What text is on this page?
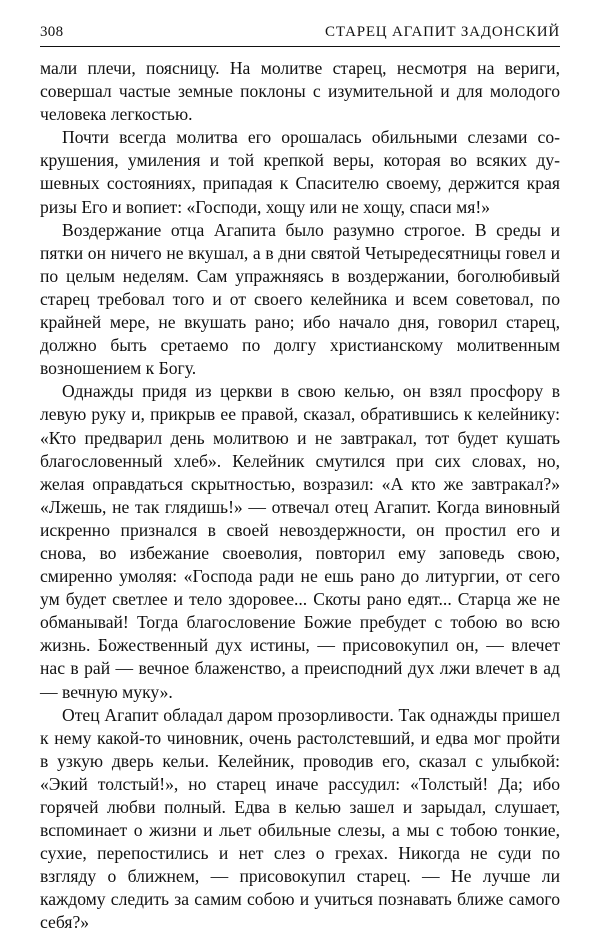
308	СТАРЕЦ АГАПИТ ЗАДОНСКИЙ

мали плечи, поясницу. На молитве старец, несмотря на вериги, совершал частые земные поклоны с изумительной и для молодого человека легкостью.

Почти всегда молитва его орошалась обильными слезами сокрушения, умиления и той крепкой веры, которая во всяких душевных состояниях, припадая к Спасителю своему, держится края ризы Его и вопиет: «Господи, хощу или не хощу, спаси мя!»

Воздержание отца Агапита было разумно строгое. В среды и пятки он ничего не вкушал, а в дни святой Четыредесятницы говел и по целым неделям. Сам упражняясь в воздержании, боголюбивый старец требовал того и от своего келейника и всем советовал, по крайней мере, не вкушать рано; ибо начало дня, говорил старец, должно быть сретаемо по долгу христианскому молитвенным возношением к Богу.

Однажды придя из церкви в свою келью, он взял просфору в левую руку и, прикрыв ее правой, сказал, обратившись к келейнику: «Кто предварил день молитвою и не завтракал, тот будет кушать благословенный хлеб». Келейник смутился при сих словах, но, желая оправдаться скрытностью, возразил: «А кто же завтракал?» «Лжешь, не так глядишь!» — отвечал отец Агапит. Когда виновный искренно признался в своей невоздержности, он простил его и снова, во избежание своеволия, повторил ему заповедь свою, смиренно умоляя: «Господа ради не ешь рано до литургии, от сего ум будет светлее и тело здоровее... Скоты рано едят... Старца же не обманывай! Тогда благословение Божие пребудет с тобою во всю жизнь. Божественный дух истины, — присовокупил он, — влечет нас в рай — вечное блаженство, а преисподний дух лжи влечет в ад — вечную муку».

Отец Агапит обладал даром прозорливости. Так однажды пришел к нему какой-то чиновник, очень растолстевший, и едва мог пройти в узкую дверь кельи. Келейник, проводив его, сказал с улыбкой: «Экий толстый!», но старец иначе рассудил: «Толстый! Да; ибо горячей любви полный. Едва в келью зашел и зарыдал, слушает, вспоминает о жизни и льет обильные слезы, а мы с тобою тонкие, сухие, перепостились и нет слез о грехах. Никогда не суди по взгляду о ближнем, — присовокупил старец. — Не лучше ли каждому следить за самим собою и учиться познавать ближе самого себя?»
